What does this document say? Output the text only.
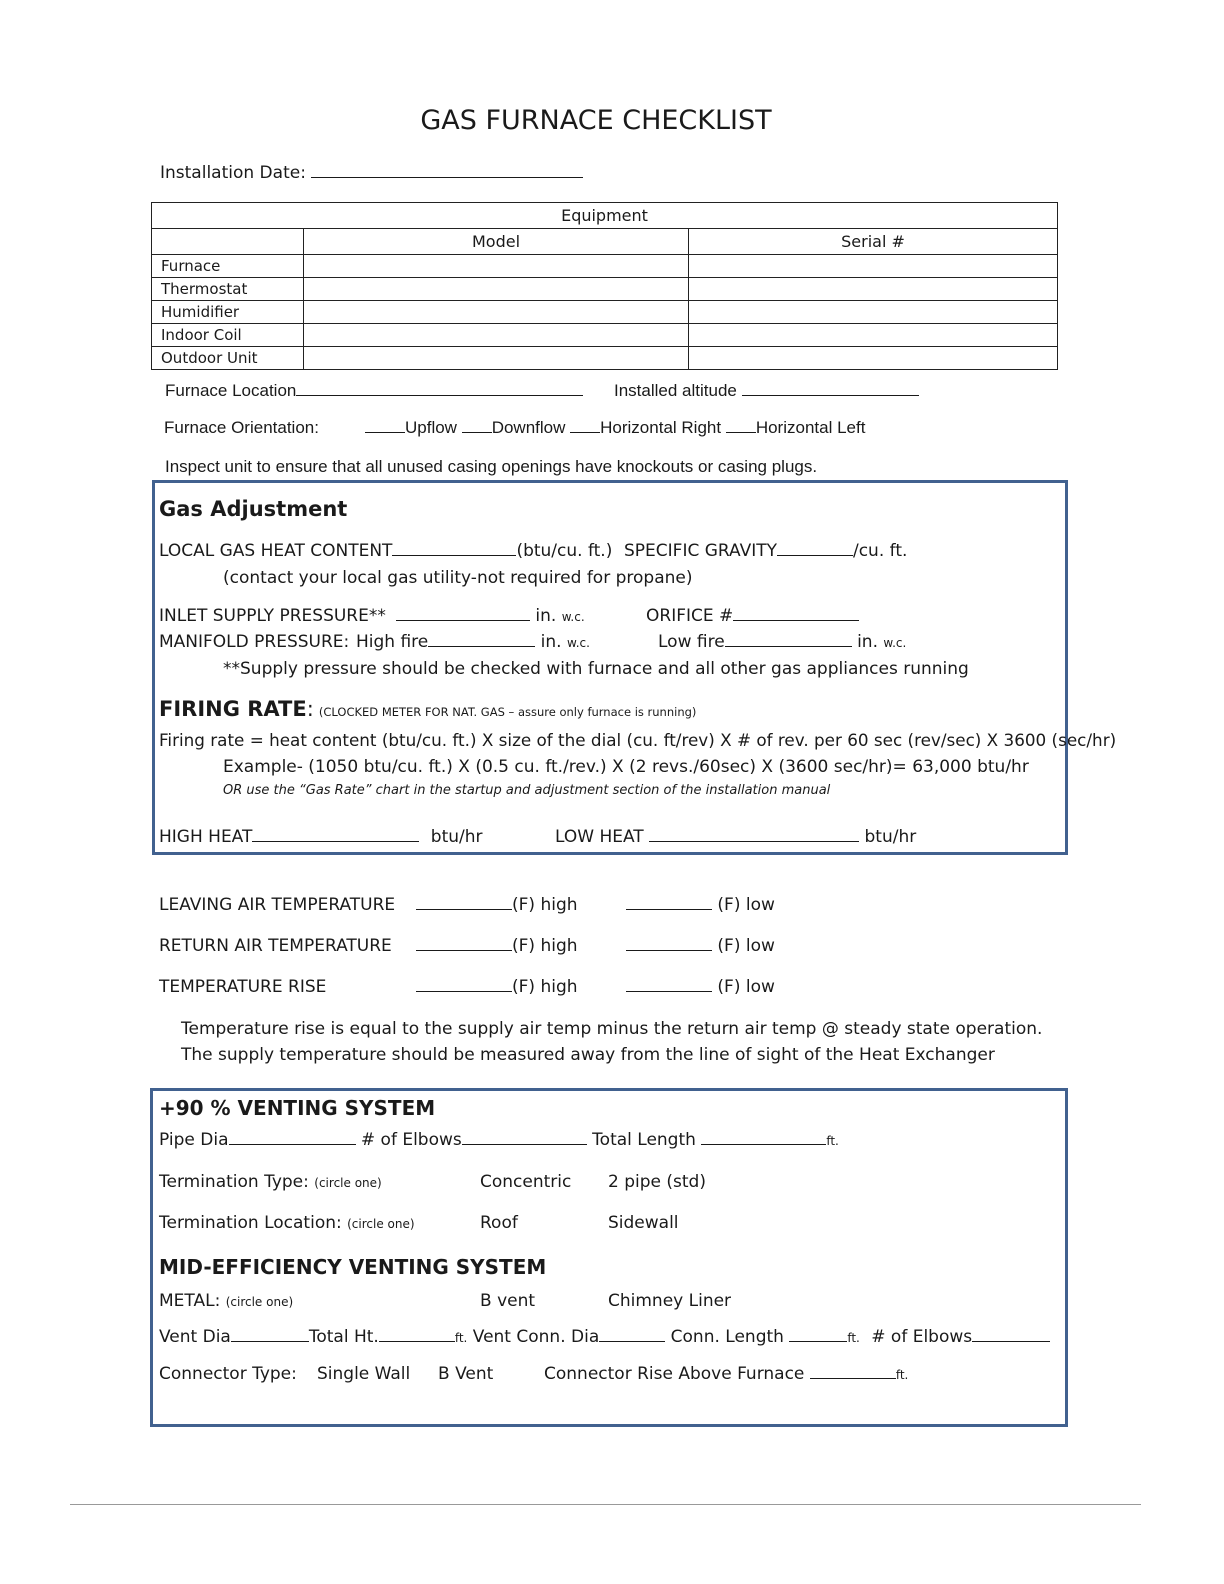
GAS FURNACE CHECKLIST
Installation Date:
Equipment		
	Model	Serial #
Furnace		
Thermostat		
Humidifier		
Indoor Coil		
Outdoor Unit		
Furnace Location	Installed altitude
Furnace Orientation:	Upflow Downflow Horizontal Right Horizontal Left
Inspect unit to ensure that all unused casing openings have knockouts or casing plugs.
Gas Adjustment
LOCAL GAS HEAT CONTENT	(btu/cu. ft.) SPECIFIC GRAVITY	/cu. ft.
(contact your local gas utility-not required for propane)
INLET SUPPLY PRESSURE**	in. w.c.	ORIFICE #
MANIFOLD PRESSURE: High fire	in. w.c.	Low fire	in. w.c.
**Supply pressure should be checked with furnace and all other gas appliances running
FIRING RATE: (CLOCKED METER FOR NAT. GAS – assure only furnace is running)
Firing rate = heat content (btu/cu. ft.) X size of the dial (cu. ft/rev) X # of rev. per 60 sec (rev/sec) X 3600 (sec/hr)
Example- (1050 btu/cu. ft.) X (0.5 cu. ft./rev.) X (2 revs./60sec) X (3600 sec/hr)= 63,000 btu/hr
OR use the “Gas Rate” chart in the startup and adjustment section of the installation manual
HIGH HEAT	btu/hr	LOW HEAT	btu/hr
LEAVING AIR TEMPERATURE	(F) high	(F) low
RETURN AIR TEMPERATURE	(F) high	(F) low
TEMPERATURE RISE	(F) high	(F) low
Temperature rise is equal to the supply air temp minus the return air temp @ steady state operation.
The supply temperature should be measured away from the line of sight of the Heat Exchanger
+90 % VENTING SYSTEM
Pipe Dia	# of Elbows	Total Length	ft.
Termination Type: (circle one)	Concentric 2 pipe (std)
Termination Location: (circle one)	Roof	Sidewall
MID-EFFICIENCY VENTING SYSTEM
METAL: (circle one)	B vent	Chimney Liner
Vent Dia	Total Ht.	ft. Vent Conn. Dia	Conn. Length	ft. # of Elbows
Connector Type: Single Wall B Vent	Connector Rise Above Furnace	ft.
